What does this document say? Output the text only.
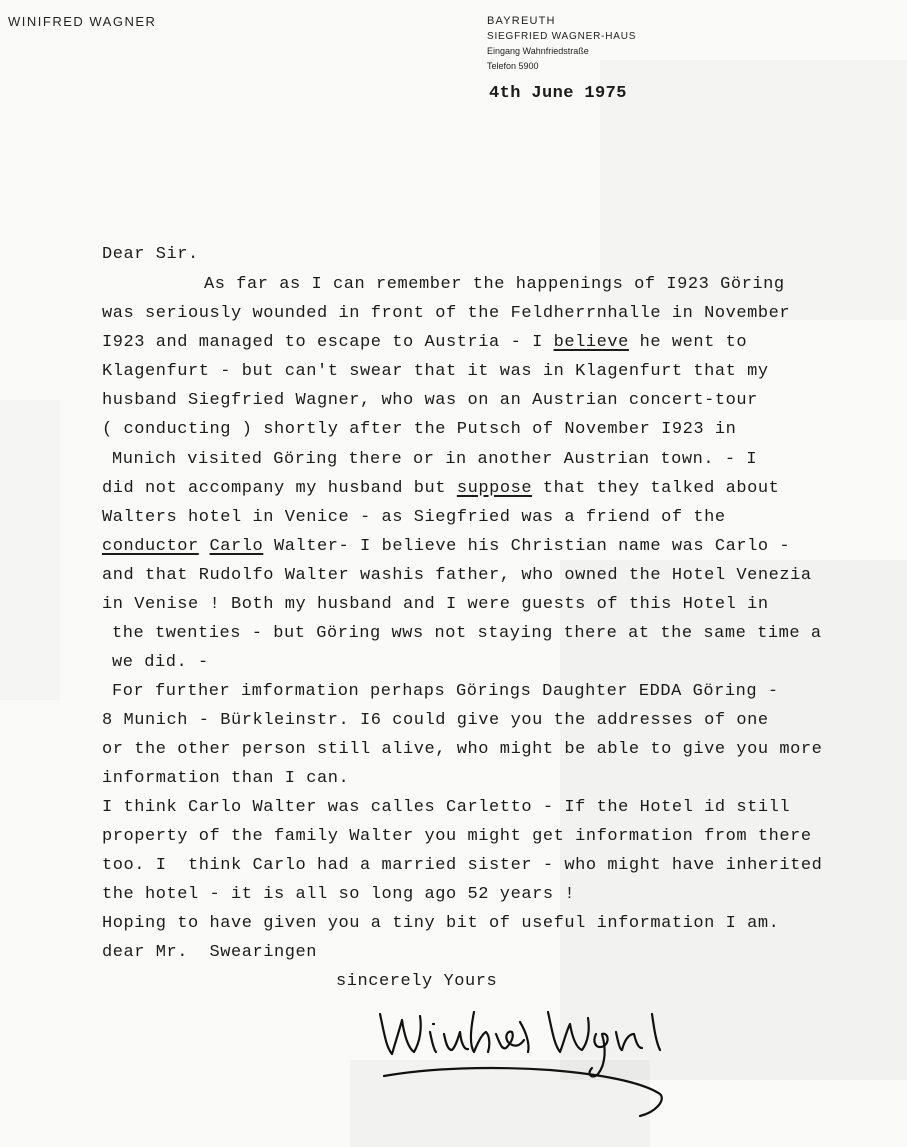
WINIFRED WAGNER	BAYREUTH
SIEGFRIED WAGNER-HAUS
Eingang Wahnfriedstraße
Telefon 5900
4th June 1975
Dear Sir.
As far as I can remember the happenings of I923 Göring
was seriously wounded in front of the Feldherrnhalle in November
I923 and managed to escape to Austria - I believe he went to
Klagenfurt - but can't swear that it was in Klagenfurt that my
husband Siegfried Wagner, who was on an Austrian concert-tour
( conducting ) shortly after the Putsch of November I923 in
Munich visited Göring there or in another Austrian town. - I
did not accompany my husband but suppose that they talked about
Walters hotel in Venice - as Siegfried was a friend of the
conductor Carlo Walter- I believe his Christian name was Carlo -
and that Rudolfo Walter washis father, who owned the Hotel Venezia
in Venise ! Both my husband and I were guests of this Hotel in
the twenties - but Göring wws not staying there at the same time a
we did. -
For further imformation perhaps Görings Daughter EDDA Göring -
8 Munich - Bürkleinstr. I6 could give you the addresses of one
or the other person still alive, who might be able to give you more
information than I can.
I think Carlo Walter was calles Carletto - If the Hotel id still
property of the family Walter you might get information from there
too. I  think Carlo had a married sister - who might have inherited
the hotel - it is all so long ago 52 years !
Hoping to have given you a tiny bit of useful information I am.
dear Mr.  Swearingen
sincerely Yours
